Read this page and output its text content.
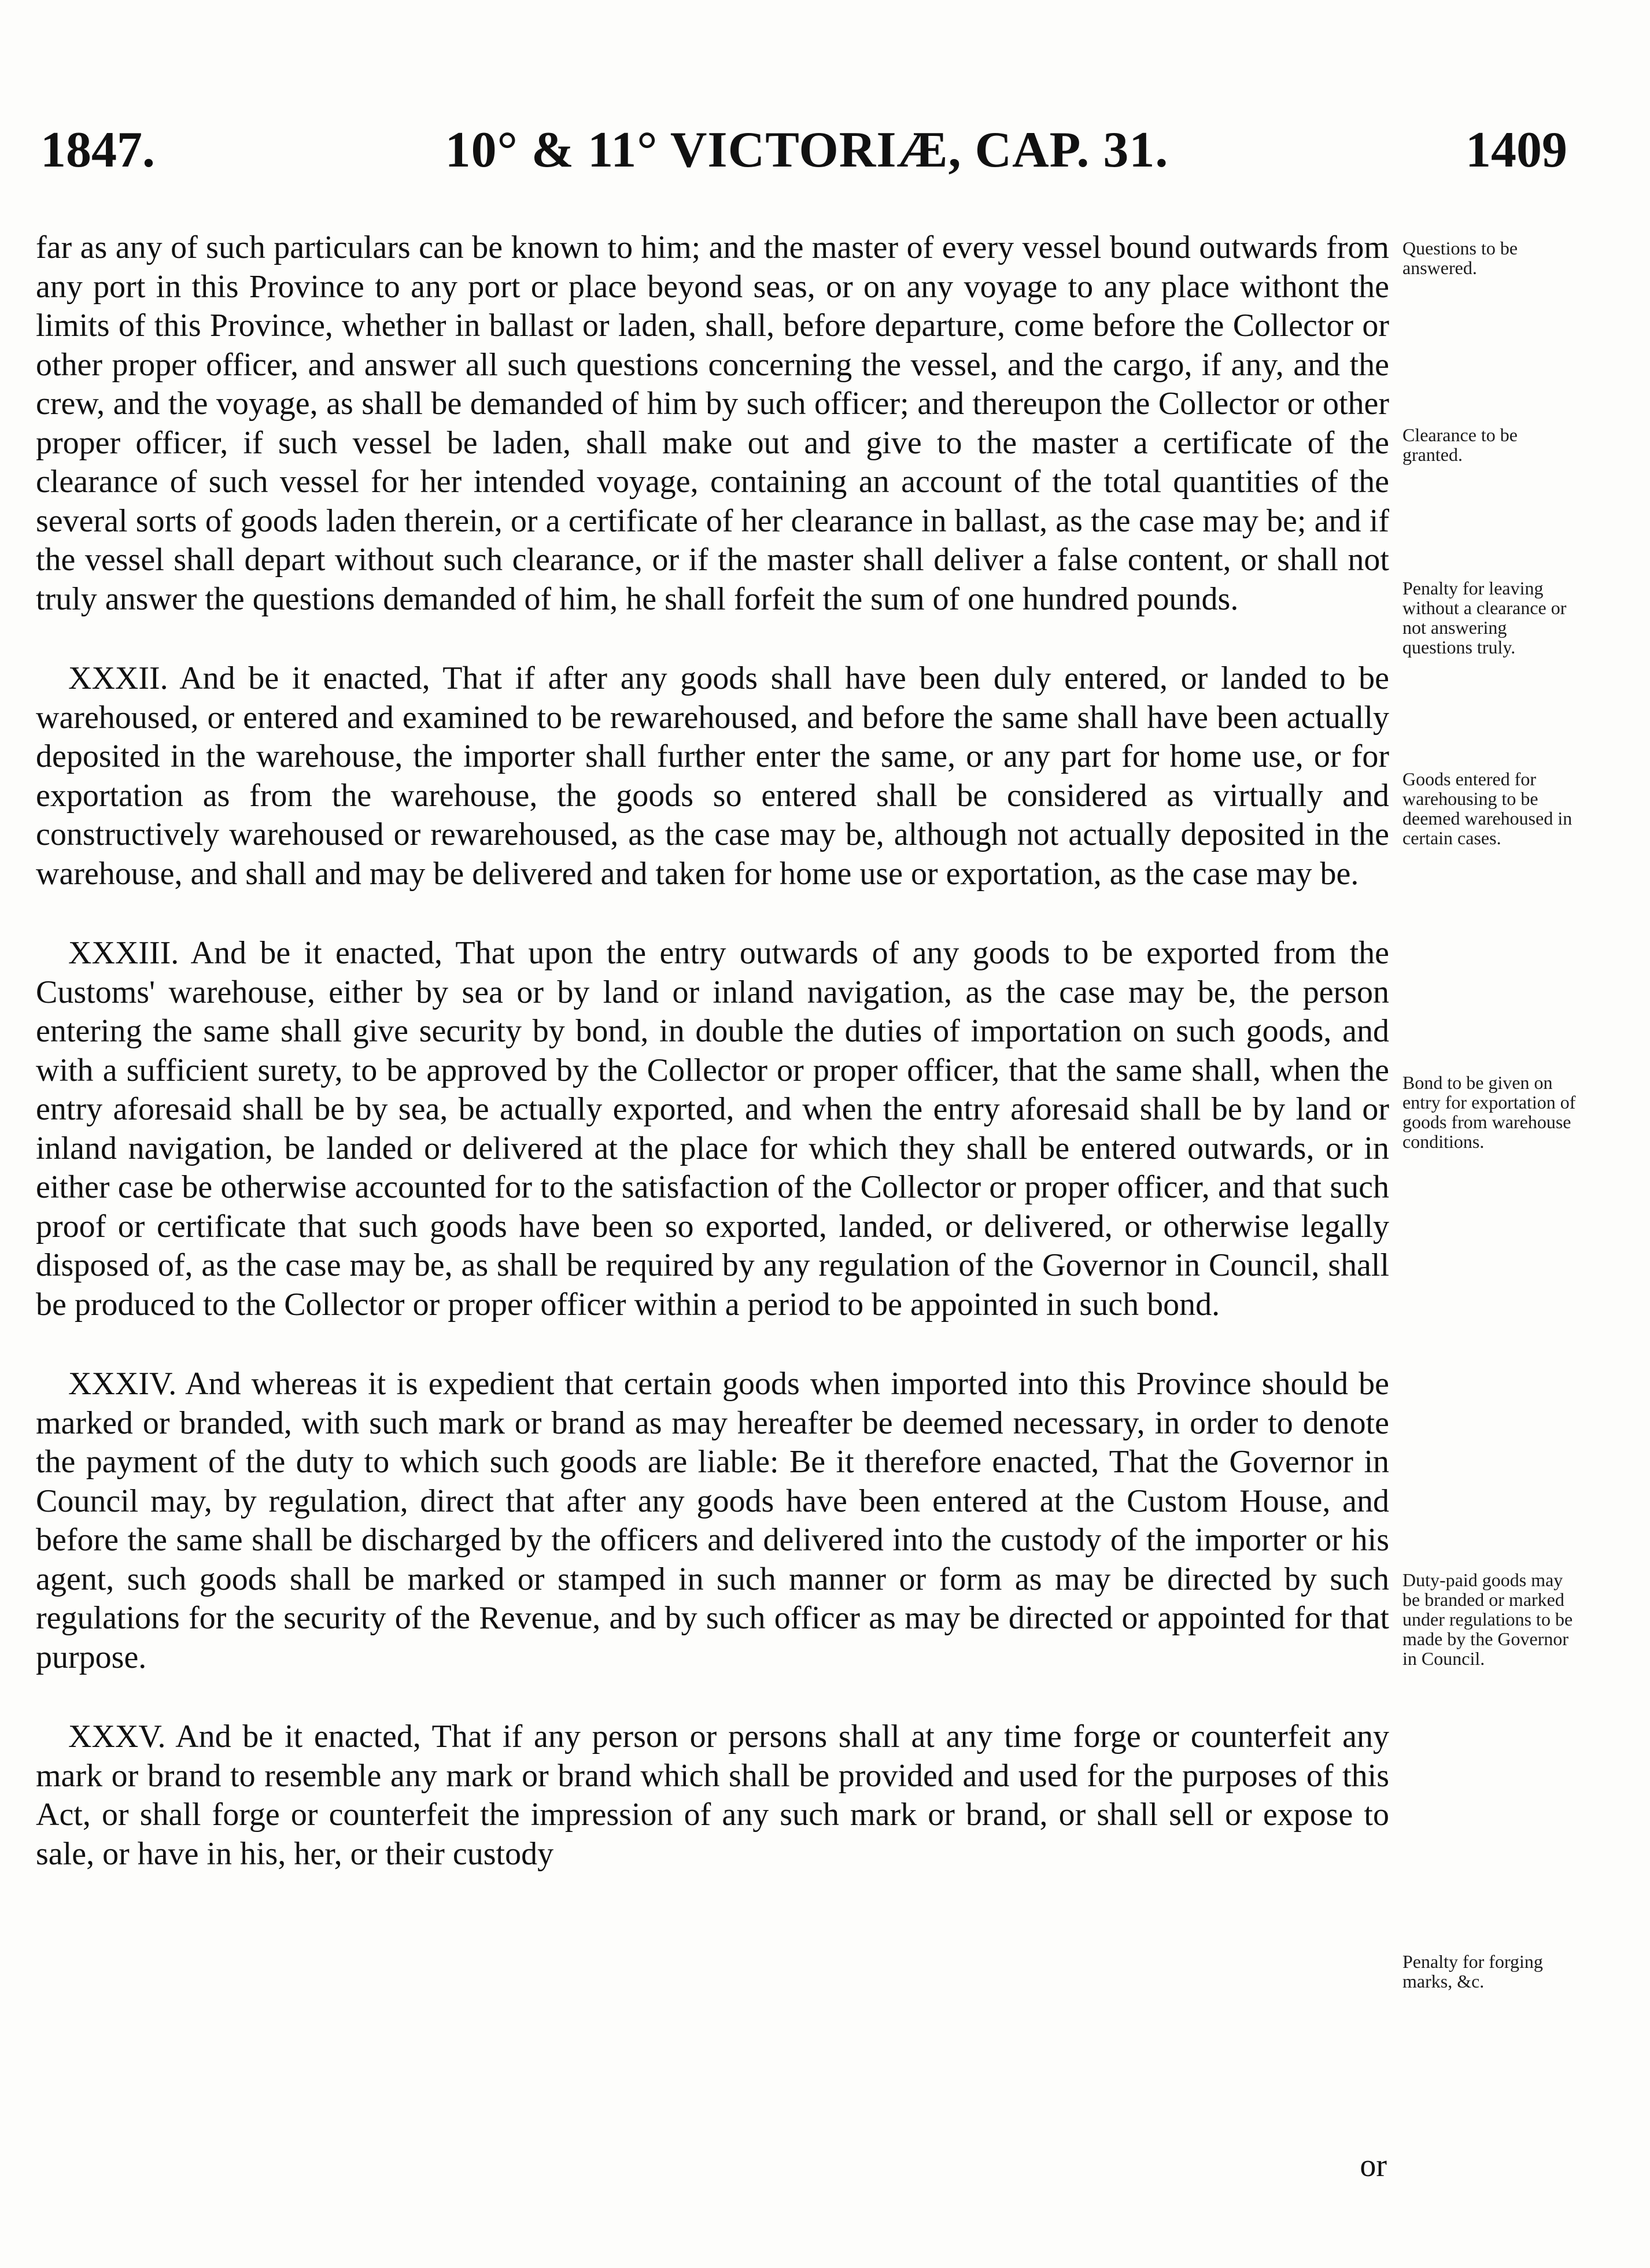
1847.	10° & 11° VICTORIÆ, CAP. 31.	1409

far as any of such particulars can be known to him; and the master of every vessel bound outwards from any port in this Province to any port or place beyond seas, or on any voyage to any place withont the limits of this Province, whether in ballast or laden, shall, before departure, come before the Collector or other proper officer, and answer all such questions concerning the vessel, and the cargo, if any, and the crew, and the voyage, as shall be demanded of him by such officer; and thereupon the Collector or other proper officer, if such vessel be laden, shall make out and give to the master a certificate of the clearance of such vessel for her intended voyage, containing an account of the total quantities of the several sorts of goods laden therein, or a certificate of her clearance in ballast, as the case may be; and if the vessel shall depart without such clearance, or if the master shall deliver a false content, or shall not truly answer the questions demanded of him, he shall forfeit the sum of one hundred pounds.

XXXII. And be it enacted, That if after any goods shall have been duly entered, or landed to be warehoused, or entered and examined to be rewarehoused, and before the same shall have been actually deposited in the warehouse, the importer shall further enter the same, or any part for home use, or for exportation as from the warehouse, the goods so entered shall be considered as virtually and constructively warehoused or rewarehoused, as the case may be, although not actually deposited in the warehouse, and shall and may be delivered and taken for home use or exportation, as the case may be.

XXXIII. And be it enacted, That upon the entry outwards of any goods to be exported from the Customs' warehouse, either by sea or by land or inland navigation, as the case may be, the person entering the same shall give security by bond, in double the duties of importation on such goods, and with a sufficient surety, to be approved by the Collector or proper officer, that the same shall, when the entry aforesaid shall be by sea, be actually exported, and when the entry aforesaid shall be by land or inland navigation, be landed or delivered at the place for which they shall be entered outwards, or in either case be otherwise accounted for to the satisfaction of the Collector or proper officer, and that such proof or certificate that such goods have been so exported, landed, or delivered, or otherwise legally disposed of, as the case may be, as shall be required by any regulation of the Governor in Council, shall be produced to the Collector or proper officer within a period to be appointed in such bond.

XXXIV. And whereas it is expedient that certain goods when imported into this Province should be marked or branded, with such mark or brand as may hereafter be deemed necessary, in order to denote the payment of the duty to which such goods are liable: Be it therefore enacted, That the Governor in Council may, by regulation, direct that after any goods have been entered at the Custom House, and before the same shall be discharged by the officers and delivered into the custody of the importer or his agent, such goods shall be marked or stamped in such manner or form as may be directed by such regulations for the security of the Revenue, and by such officer as may be directed or appointed for that purpose.

XXXV. And be it enacted, That if any person or persons shall at any time forge or counterfeit any mark or brand to resemble any mark or brand which shall be provided and used for the purposes of this Act, or shall forge or counterfeit the impression of any such mark or brand, or shall sell or expose to sale, or have in his, her, or their custody

Questions to be answered.
Clearance to be granted.
Penalty for leaving without a clearance or not answering questions truly.
Goods entered for warehousing to be deemed warehoused in certain cases.
Bond to be given on entry for exportation of goods from warehouse conditions.
Duty-paid goods may be branded or marked under regulations to be made by the Governor in Council.
Penalty for forging marks, &c.
or
